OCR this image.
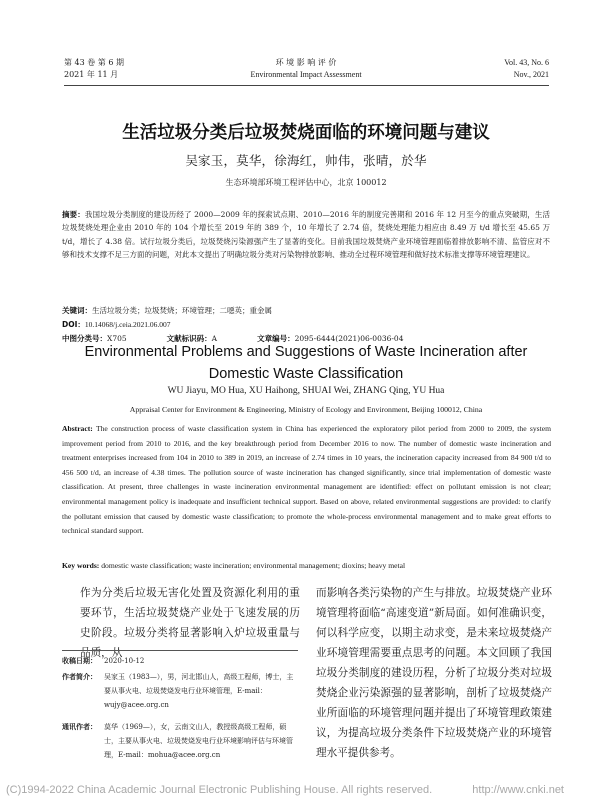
第 43 卷 第 6 期
2021 年 11 月
环 境 影 响 评 价
Environmental Impact Assessment
Vol. 43, No. 6
Nov., 2021
生活垃圾分类后垃圾焚烧面临的环境问题与建议
吴家玉，莫华，徐海红，帅伟，张晴，於华
生态环境部环境工程评估中心，北京 100012
摘要：我国垃圾分类制度的建设历经了 2000—2009 年的探索试点期、2010—2016 年的制度完善期和 2016 年 12 月至今的重点突破期，生活垃圾焚烧处理企业由 2010 年的 104 个增长至 2019 年的 389 个，10 年增长了 2.74 倍，焚烧处理能力相应由 8.49 万 t/d 增长至 45.65 万 t/d，增长了 4.38 倍。试行垃圾分类后，垃圾焚烧污染源强产生了显著的变化。目前我国垃圾焚烧产业环境管理面临着排放影响不清、监管应对不够和技术支撑不足三方面的问题，对此本文提出了明确垃圾分类对污染物排放影响、推动全过程环境管理和做好技术标准支撑等环境管理建议。
关键词：生活垃圾分类；垃圾焚烧；环境管理；二噁英；重金属
DOI：10.14068/j.ceia.2021.06.007
中图分类号：X705	文献标识码：A	文章编号：2095-6444(2021)06-0036-04
Environmental Problems and Suggestions of Waste Incineration after Domestic Waste Classification
WU Jiayu, MO Hua, XU Haihong, SHUAI Wei, ZHANG Qing, YU Hua
Appraisal Center for Environment & Engineering, Ministry of Ecology and Environment, Beijing 100012, China
Abstract: The construction process of waste classification system in China has experienced the exploratory pilot period from 2000 to 2009, the system improvement period from 2010 to 2016, and the key breakthrough period from December 2016 to now. The number of domestic waste incineration and treatment enterprises increased from 104 in 2010 to 389 in 2019, an increase of 2.74 times in 10 years, the incineration capacity increased from 84 900 t/d to 456 500 t/d, an increase of 4.38 times. The pollution source of waste incineration has changed significantly, since trial implementation of domestic waste classification. At present, three challenges in waste incineration environmental management are identified: effect on pollutant emission is not clear; environmental management policy is inadequate and insufficient technical support. Based on above, related environmental suggestions are provided: to clarify the pollutant emission that caused by domestic waste classification; to promote the whole-process environmental management and to make great efforts to technical standard support.
Key words: domestic waste classification; waste incineration; environmental management; dioxins; heavy metal
作为分类后垃圾无害化处置及资源化利用的重要环节，生活垃圾焚烧产业处于飞速发展的历史阶段。垃圾分类将显著影响入炉垃圾重量与品质，从
而影响各类污染物的产生与排放。垃圾焚烧产业环境管理将面临“高速变道”新局面。如何准确识变，何以科学应变，以期主动求变，是未来垃圾焚烧产业环境管理需要重点思考的问题。本文回顾了我国垃圾分类制度的建设历程，分析了垃圾分类对垃圾焚烧企业污染源强的显著影响，剖析了垃圾焚烧产业所面临的环境管理问题并提出了环境管理政策建议，为提高垃圾分类条件下垃圾焚烧产业的环境管理水平提供参考。
收稿日期： 2020-10-12
作者简介： 吴家玉（1983—），男，河北邯山人，高级工程师，博士，主要从事火电、垃圾焚烧发电行业环境管理，E-mail：wujy@acee.org.cn
通讯作者： 莫华（1969—），女，云南文山人，教授级高级工程师，硕士，主要从事火电、垃圾焚烧发电行业环境影响评估与环境管理，E-mail：mohua@acee.org.cn
(C)1994-2022 China Academic Journal Electronic Publishing House. All rights reserved.	http://www.cnki.net
